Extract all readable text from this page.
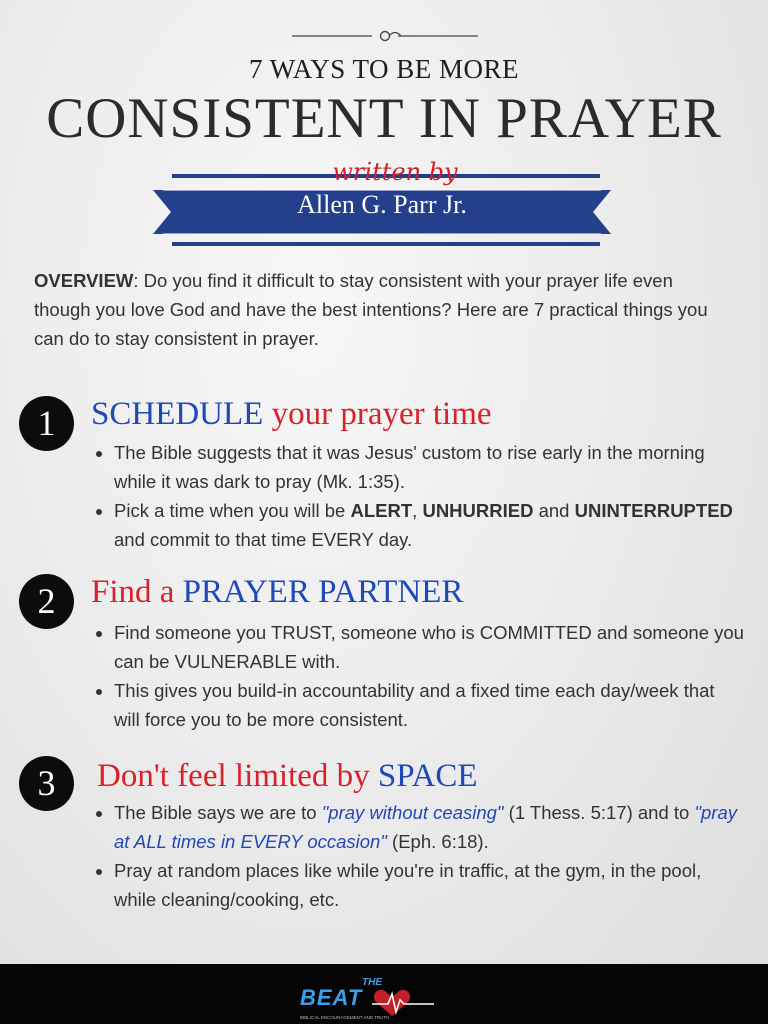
7 WAYS TO BE MORE
CONSISTENT IN PRAYER
written by
Allen G. Parr Jr.
OVERVIEW: Do you find it difficult to stay consistent with your prayer life even though you love God and have the best intentions? Here are 7 practical things you can do to stay consistent in prayer.
1	SCHEDULE your prayer time
• The Bible suggests that it was Jesus' custom to rise early in the morning while it was dark to pray (Mk. 1:35).
• Pick a time when you will be ALERT, UNHURRIED and UNINTERRUPTED and commit to that time EVERY day.
2	Find a PRAYER PARTNER
• Find someone you TRUST, someone who is COMMITTED and someone you can be VULNERABLE with.
• This gives you build-in accountability and a fixed time each day/week that will force you to be more consistent.
3	Don't feel limited by SPACE
• The Bible says we are to "pray without ceasing" (1 Thess. 5:17) and to "pray at ALL times in EVERY occasion" (Eph. 6:18).
• Pray at random places like while you're in traffic, at the gym, in the pool, while cleaning/cooking, etc.
THE
BEAT
BIBLICAL ENCOURAGEMENT AND TRUTH
